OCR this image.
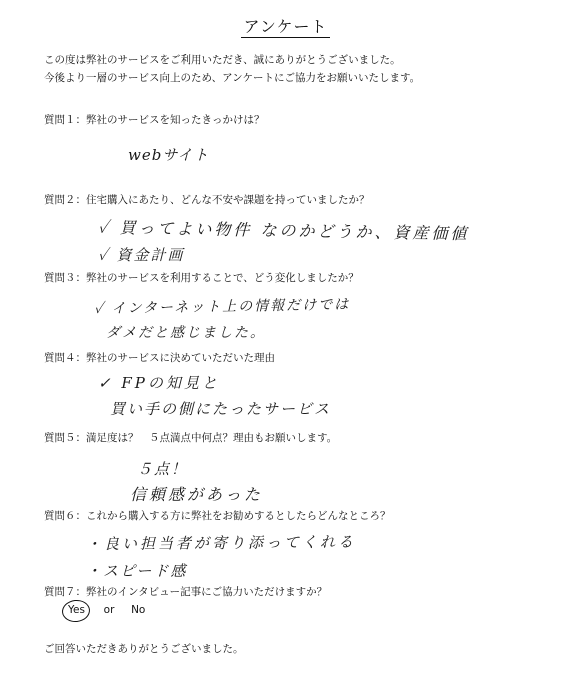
アンケート
この度は弊社のサービスをご利用いただき、誠にありがとうございました。
今後より一層のサービス向上のため、アンケートにご協力をお願いいたします。
質問１：弊社のサービスを知ったきっかけは？
webサイト
質問２：住宅購入にあたり、どんな不安や課題を持っていましたか？
✓ 買ってよい物件 なのかどうか、資産価値
✓ 資金計画
質問３：弊社のサービスを利用することで、どう変化しましたか？
✓ インターネット上の情報だけでは
ダメだと感じました。
質問４：弊社のサービスに決めていただいた理由
✓ FPの知見と
買い手の側にたったサービス
質問５：満足度は？　５点満点中何点？理由もお願いします。
５点！
信頼感があった
質問６：これから購入する方に弊社をお勧めするとしたらどんなところ？
・良い担当者が寄り添ってくれる
・スピード感
質問７：弊社のインタビュー記事にご協力いただけますか？
Yes or No
ご回答いただきありがとうございました。
